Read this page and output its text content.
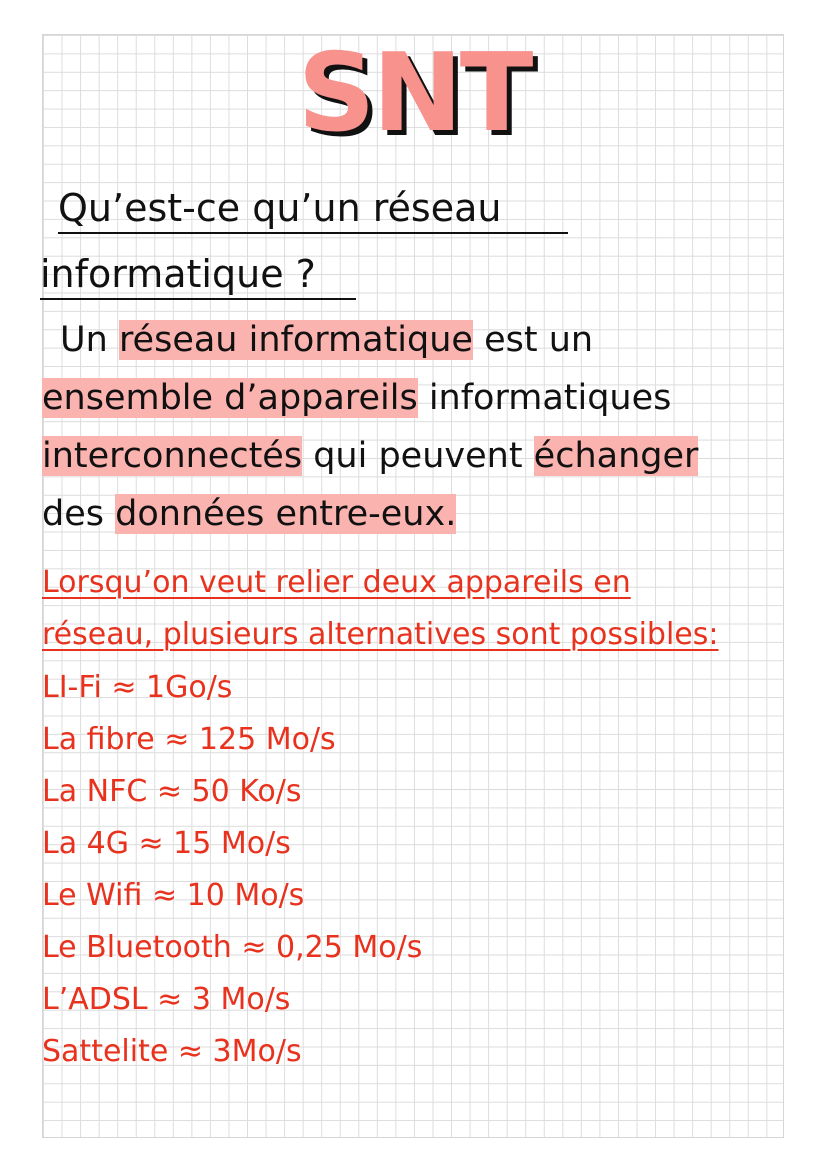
SNT
Qu’est-ce qu’un réseau
informatique ?
Un réseau informatique est un
ensemble d’appareils informatiques
interconnectés qui peuvent échanger
des données entre-eux.
Lorsqu’on veut relier deux appareils en
réseau, plusieurs alternatives sont possibles:
LI-Fi ≈ 1Go/s
La fibre ≈ 125 Mo/s
La NFC ≈ 50 Ko/s
La 4G ≈ 15 Mo/s
Le Wifi ≈ 10 Mo/s
Le Bluetooth ≈ 0,25 Mo/s
L’ADSL ≈ 3 Mo/s
Sattelite ≈ 3Mo/s
